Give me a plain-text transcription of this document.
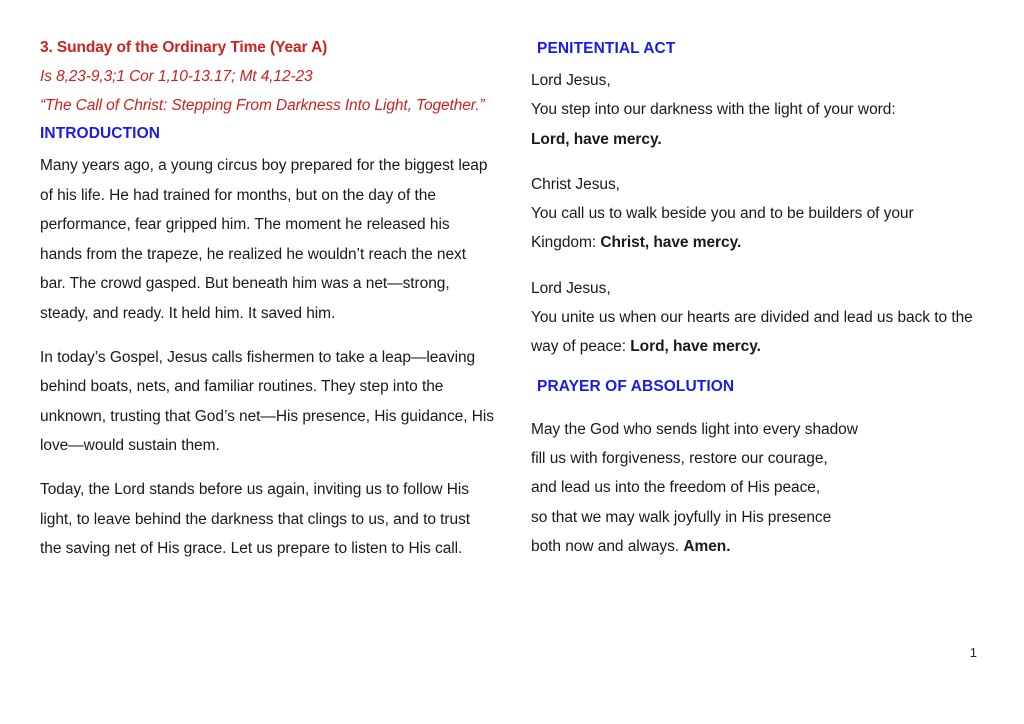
3. Sunday of the Ordinary Time (Year A)

Is 8,23-9,3;1 Cor 1,10-13.17; Mt 4,12-23

“The Call of Christ: Stepping From Darkness Into Light, Together.”

INTRODUCTION

Many years ago, a young circus boy prepared for the biggest leap of his life. He had trained for months, but on the day of the performance, fear gripped him. The moment he released his hands from the trapeze, he realized he wouldn’t reach the next bar. The crowd gasped. But beneath him was a net—strong, steady, and ready. It held him. It saved him.

In today’s Gospel, Jesus calls fishermen to take a leap—leaving behind boats, nets, and familiar routines. They step into the unknown, trusting that God’s net—His presence, His guidance, His love—would sustain them.

Today, the Lord stands before us again, inviting us to follow His light, to leave behind the darkness that clings to us, and to trust the saving net of His grace. Let us prepare to listen to His call.

PENITENTIAL ACT

Lord Jesus,
You step into our darkness with the light of your word:
Lord, have mercy.

Christ Jesus,
You call us to walk beside you and to be builders of your Kingdom: Christ, have mercy.

Lord Jesus,
You unite us when our hearts are divided and lead us back to the way of peace: Lord, have mercy.

PRAYER OF ABSOLUTION

May the God who sends light into every shadow
fill us with forgiveness, restore our courage,
and lead us into the freedom of His peace,
so that we may walk joyfully in His presence
both now and always. Amen.

1
